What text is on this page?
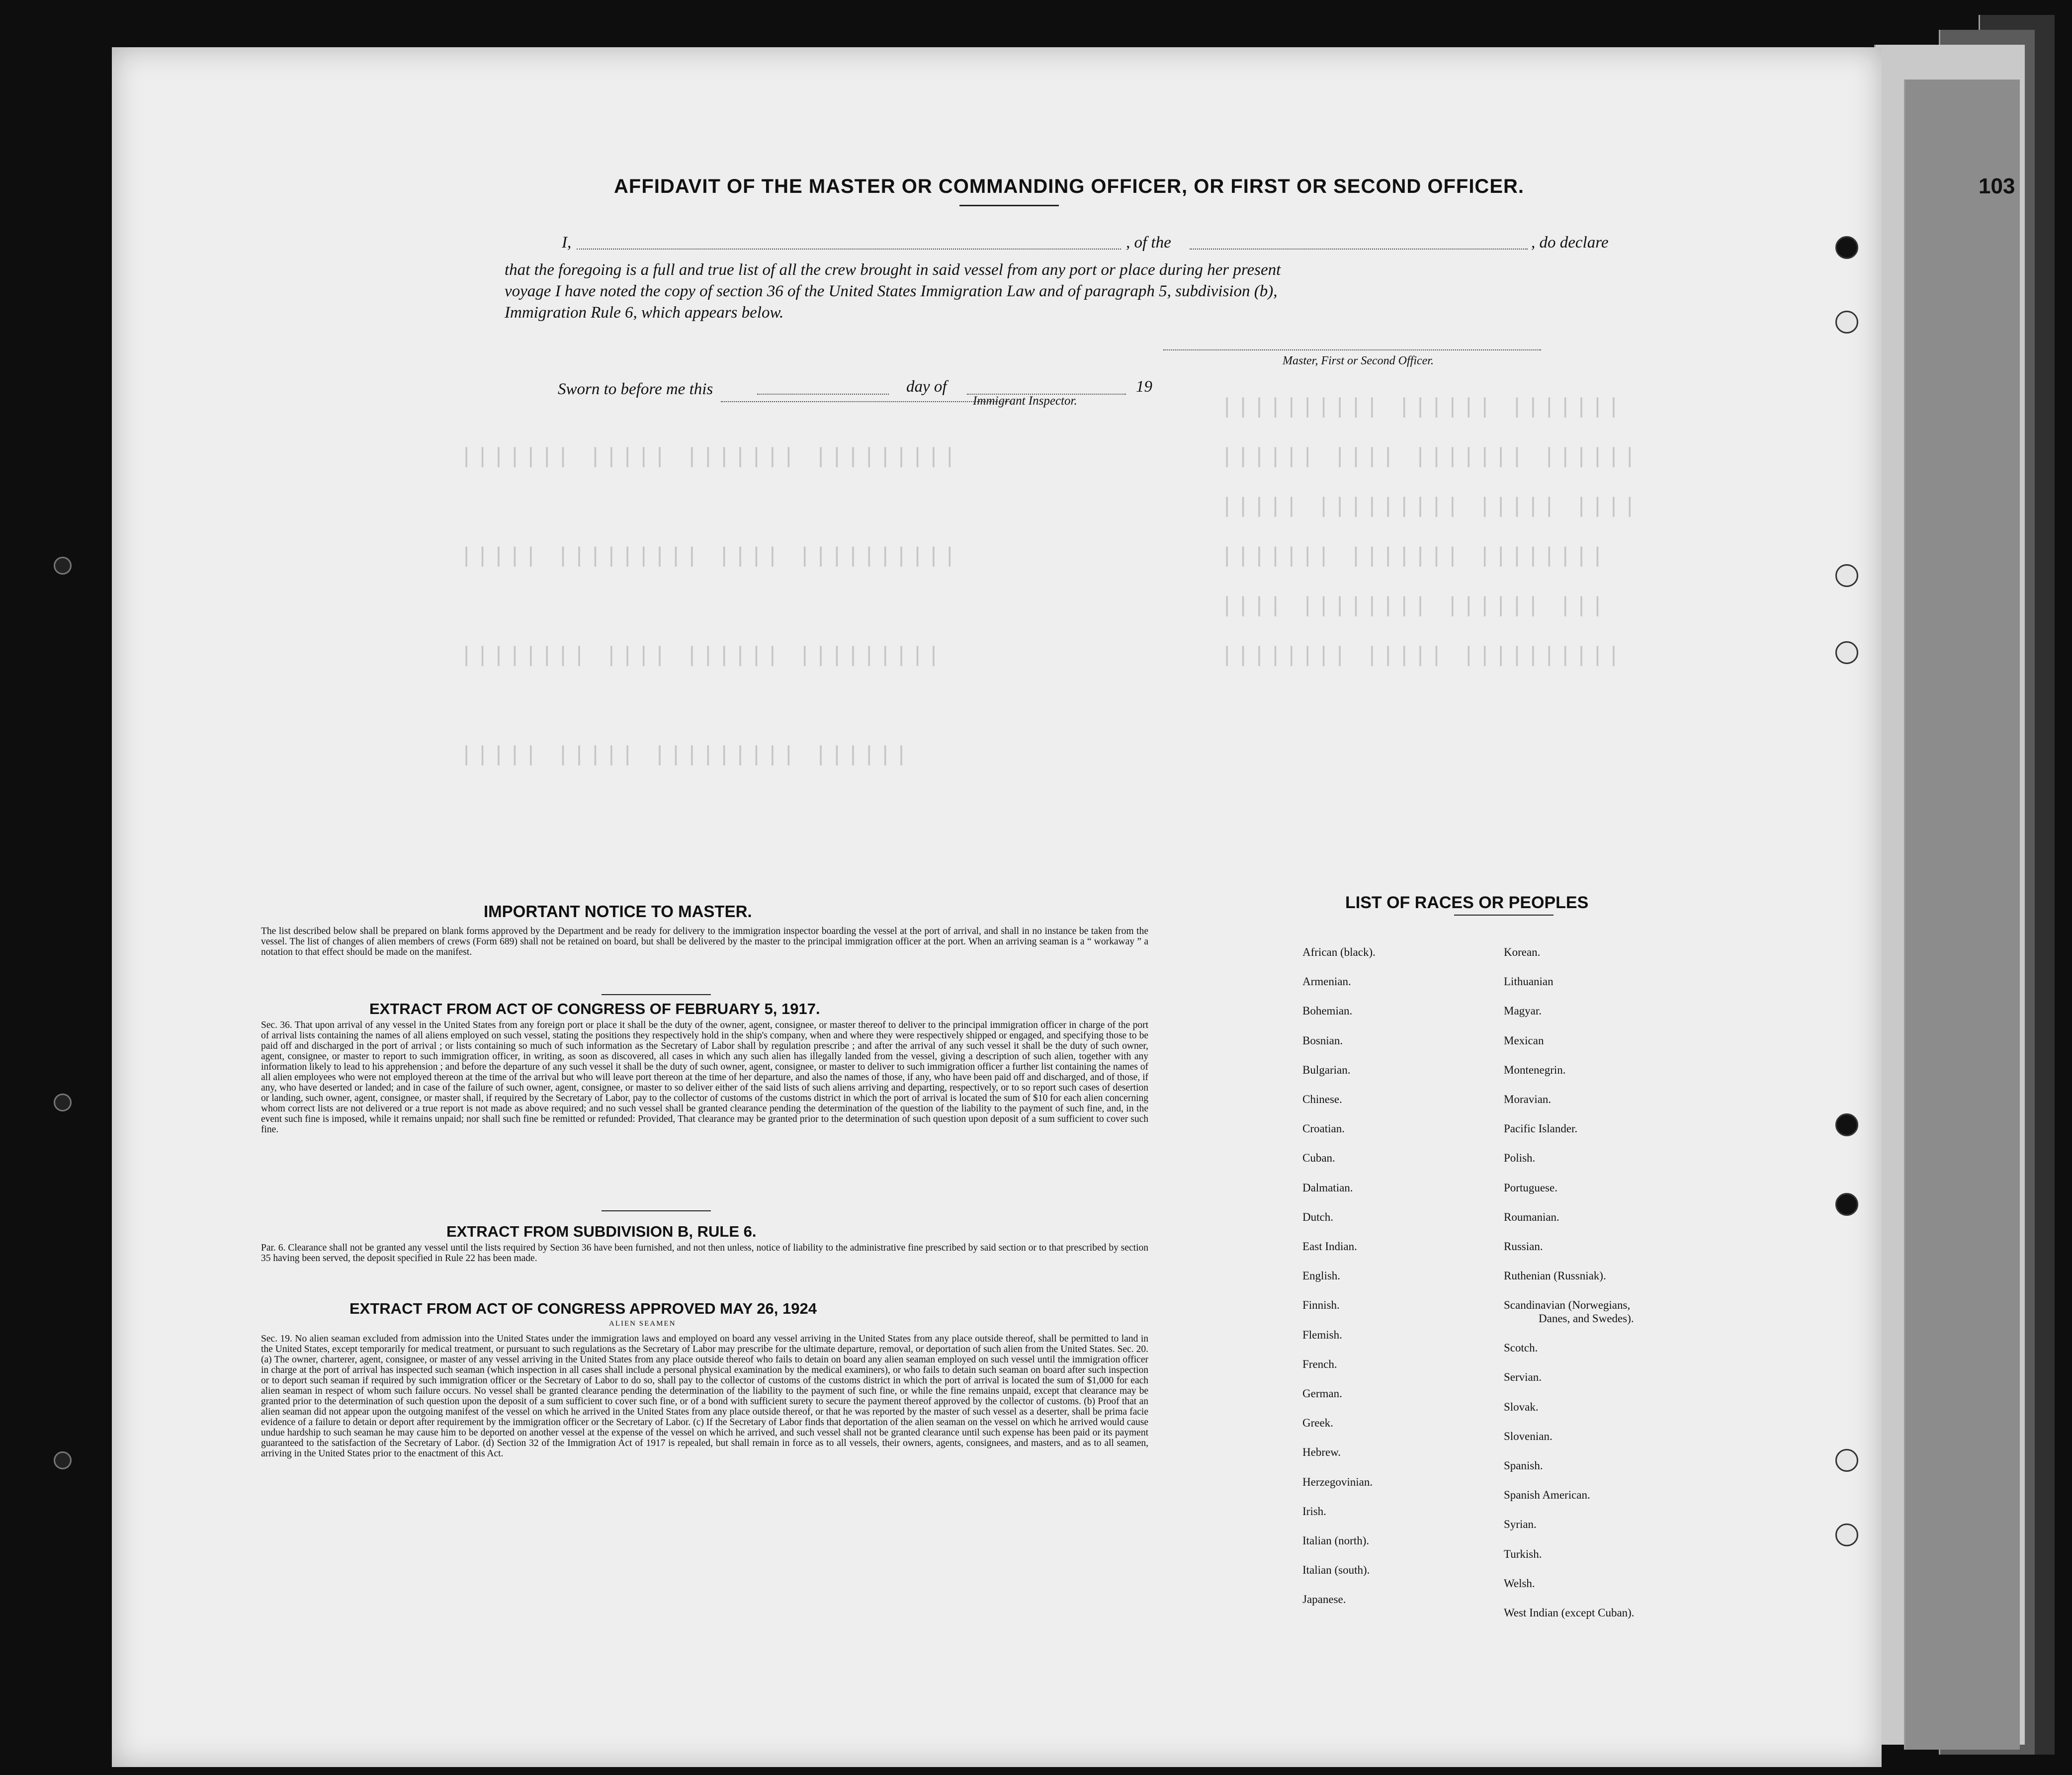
|||||||||| |||||| |||||||
|||||| |||| ||||||| ||||||
||||| ||||||||| ||||| ||||
||||||| ||||||| ||||||||
|||| |||||||| |||||| |||
|||||||| ||||| ||||||||||
||||||| ||||| ||||||| |||||||||
||||| ||||||||| |||| ||||||||||
|||||||| |||| |||||| |||||||||
||||| ||||| ||||||||| ||||||
AFFIDAVIT OF THE MASTER OR COMMANDING OFFICER, OR FIRST OR SECOND OFFICER.
I,	, of the	, do declare
that the foregoing is a full and true list of all the crew brought in said vessel from any port or place during her present
voyage I have noted the copy of section 36 of the United States Immigration Law and of paragraph 5, subdivision (b),
Immigration Rule 6, which appears below.
Master, First or Second Officer.
Sworn to before me this	day of	19
Immigrant Inspector.
IMPORTANT NOTICE TO MASTER.
The list described below shall be prepared on blank forms approved by the Department and be ready for delivery to the immigration inspector boarding the vessel at the port of arrival, and shall in no instance be taken from the vessel. The list of changes of alien members of crews (Form 689) shall not be retained on board, but shall be delivered by the master to the principal immigration officer at the port. When an arriving seaman is a “ workaway ” a notation to that effect should be made on the manifest.
EXTRACT FROM ACT OF CONGRESS OF FEBRUARY 5, 1917.
Sec. 36. That upon arrival of any vessel in the United States from any foreign port or place it shall be the duty of the owner, agent, consignee, or master thereof to deliver to the principal immigration officer in charge of the port of arrival lists containing the names of all aliens employed on such vessel, stating the positions they respectively hold in the ship's company, when and where they were respectively shipped or engaged, and specifying those to be paid off and discharged in the port of arrival ; or lists containing so much of such information as the Secretary of Labor shall by regulation prescribe ; and after the arrival of any such vessel it shall be the duty of such owner, agent, consignee, or master to report to such immigration officer, in writing, as soon as discovered, all cases in which any such alien has illegally landed from the vessel, giving a description of such alien, together with any information likely to lead to his apprehension ; and before the departure of any such vessel it shall be the duty of such owner, agent, consignee, or master to deliver to such immigration officer a further list containing the names of all alien employees who were not employed thereon at the time of the arrival but who will leave port thereon at the time of her departure, and also the names of those, if any, who have been paid off and discharged, and of those, if any, who have deserted or landed; and in case of the failure of such owner, agent, consignee, or master to so deliver either of the said lists of such aliens arriving and departing, respectively, or to so report such cases of desertion or landing, such owner, agent, consignee, or master shall, if required by the Secretary of Labor, pay to the collector of customs of the customs district in which the port of arrival is located the sum of $10 for each alien concerning whom correct lists are not delivered or a true report is not made as above required; and no such vessel shall be granted clearance pending the determination of the question of the liability to the payment of such fine, and, in the event such fine is imposed, while it remains unpaid; nor shall such fine be remitted or refunded: Provided, That clearance may be granted prior to the determination of such question upon deposit of a sum sufficient to cover such fine.
EXTRACT FROM SUBDIVISION B, RULE 6.
Par. 6. Clearance shall not be granted any vessel until the lists required by Section 36 have been furnished, and not then unless, notice of liability to the administrative fine prescribed by said section or to that prescribed by section 35 having been served, the deposit specified in Rule 22 has been made.
EXTRACT FROM ACT OF CONGRESS APPROVED MAY 26, 1924
ALIEN SEAMEN
Sec. 19. No alien seaman excluded from admission into the United States under the immigration laws and employed on board any vessel arriving in the United States from any place outside thereof, shall be permitted to land in the United States, except temporarily for medical treatment, or pursuant to such regulations as the Secretary of Labor may prescribe for the ultimate departure, removal, or deportation of such alien from the United States. Sec. 20. (a) The owner, charterer, agent, consignee, or master of any vessel arriving in the United States from any place outside thereof who fails to detain on board any alien seaman employed on such vessel until the immigration officer in charge at the port of arrival has inspected such seaman (which inspection in all cases shall include a personal physical examination by the medical examiners), or who fails to detain such seaman on board after such inspection or to deport such seaman if required by such immigration officer or the Secretary of Labor to do so, shall pay to the collector of customs of the customs district in which the port of arrival is located the sum of $1,000 for each alien seaman in respect of whom such failure occurs. No vessel shall be granted clearance pending the determination of the liability to the payment of such fine, or while the fine remains unpaid, except that clearance may be granted prior to the determination of such question upon the deposit of a sum sufficient to cover such fine, or of a bond with sufficient surety to secure the payment thereof approved by the collector of customs. (b) Proof that an alien seaman did not appear upon the outgoing manifest of the vessel on which he arrived in the United States from any place outside thereof, or that he was reported by the master of such vessel as a deserter, shall be prima facie evidence of a failure to detain or deport after requirement by the immigration officer or the Secretary of Labor. (c) If the Secretary of Labor finds that deportation of the alien seaman on the vessel on which he arrived would cause undue hardship to such seaman he may cause him to be deported on another vessel at the expense of the vessel on which he arrived, and such vessel shall not be granted clearance until such expense has been paid or its payment guaranteed to the satisfaction of the Secretary of Labor. (d) Section 32 of the Immigration Act of 1917 is repealed, but shall remain in force as to all vessels, their owners, agents, consignees, and masters, and as to all seamen, arriving in the United States prior to the enactment of this Act.
LIST OF RACES OR PEOPLES
African (black).
Armenian.
Bohemian.
Bosnian.
Bulgarian.
Chinese.
Croatian.
Cuban.
Dalmatian.
Dutch.
East Indian.
English.
Finnish.
Flemish.
French.
German.
Greek.
Hebrew.
Herzegovinian.
Irish.
Italian (north).
Italian (south).
Japanese.
Korean.
Lithuanian
Magyar.
Mexican
Montenegrin.
Moravian.
Pacific Islander.
Polish.
Portuguese.
Roumanian.
Russian.
Ruthenian (Russniak).
Scandinavian (Norwegians,
Danes, and Swedes).
Scotch.
Servian.
Slovak.
Slovenian.
Spanish.
Spanish American.
Syrian.
Turkish.
Welsh.
West Indian (except Cuban).
103
